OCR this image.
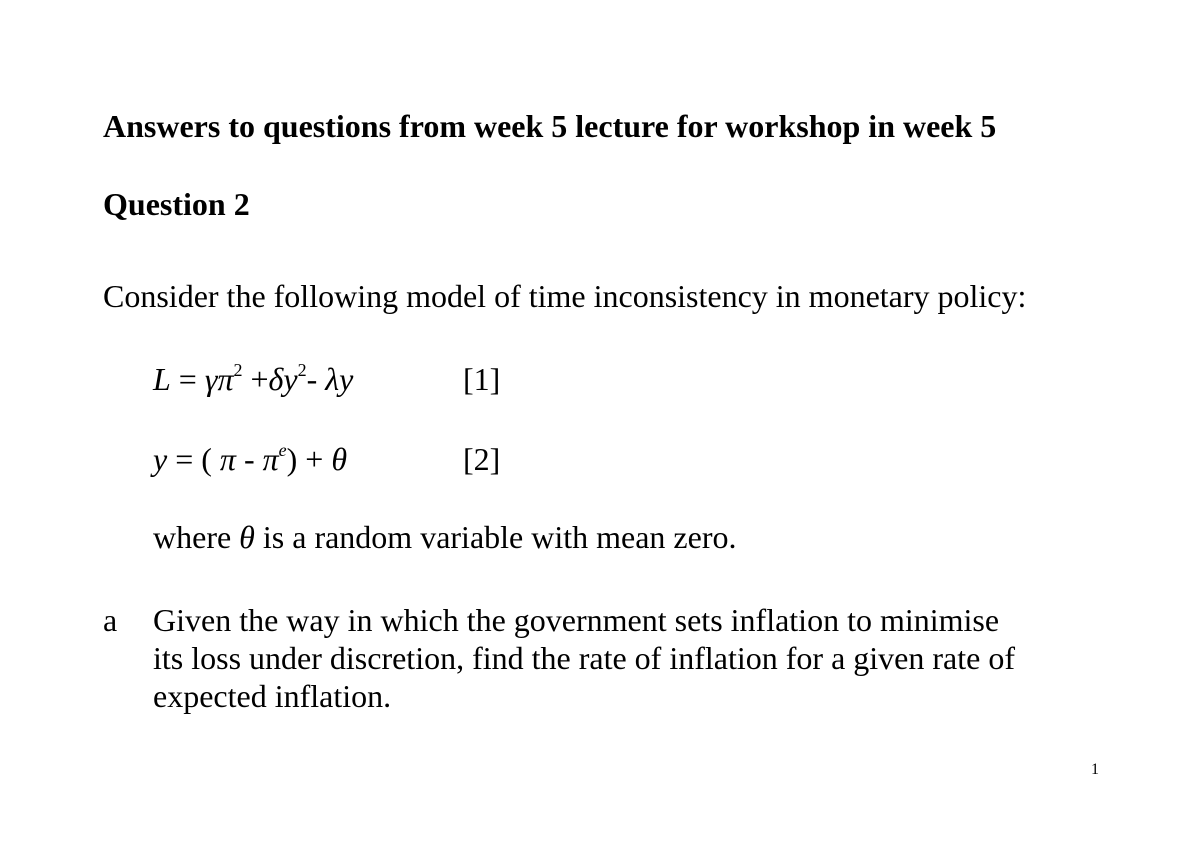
Answers to questions from week 5 lecture for workshop in week 5
Question 2
Consider the following model of time inconsistency in monetary policy:
$L = \gamma\pi^2 +\delta y^2-$ λy	[1]
y = ( $\pi - \pi^e) + \theta$	[2]
where θ is a random variable with mean zero.
a Given the way in which the government sets inflation to minimise
its loss under discretion, find the rate of inflation for a given rate of
expected inflation.
1
